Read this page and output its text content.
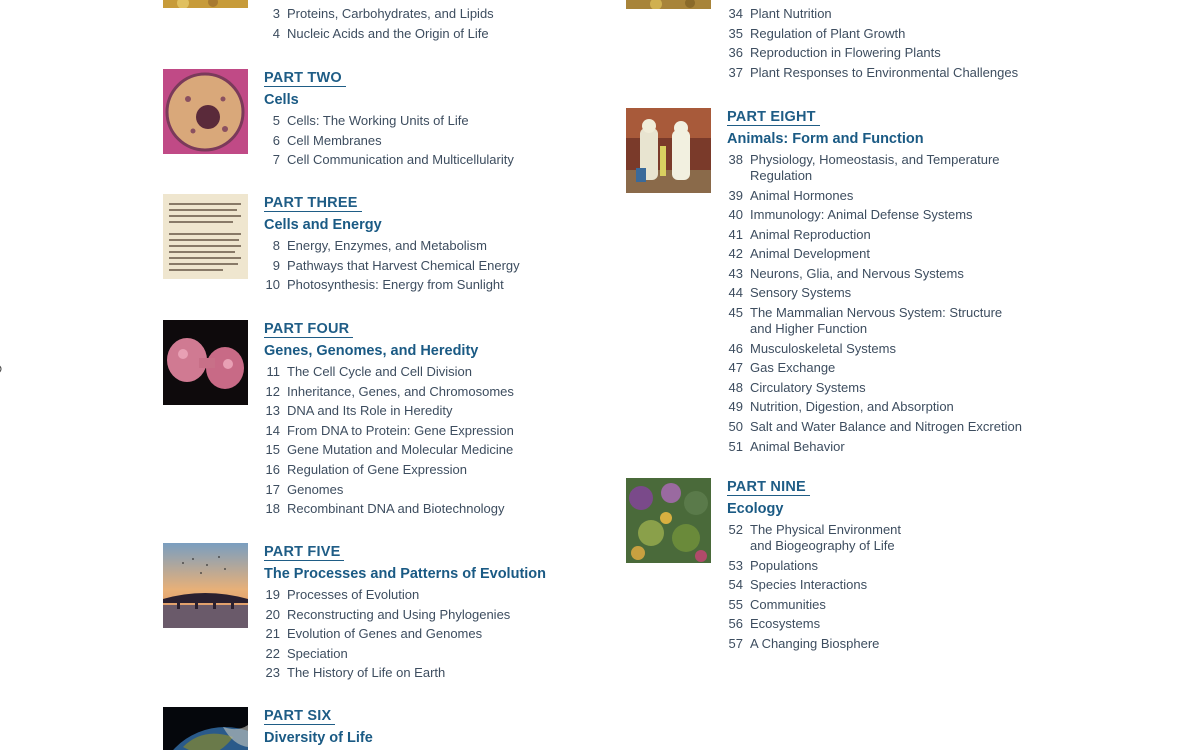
3 Proteins, Carbohydrates, and Lipids
4 Nucleic Acids and the Origin of Life
PART TWO
Cells
5 Cells: The Working Units of Life
6 Cell Membranes
7 Cell Communication and Multicellularity
PART THREE
Cells and Energy
8 Energy, Enzymes, and Metabolism
9 Pathways that Harvest Chemical Energy
10 Photosynthesis: Energy from Sunlight
PART FOUR
Genes, Genomes, and Heredity
11 The Cell Cycle and Cell Division
12 Inheritance, Genes, and Chromosomes
13 DNA and Its Role in Heredity
14 From DNA to Protein: Gene Expression
15 Gene Mutation and Molecular Medicine
16 Regulation of Gene Expression
17 Genomes
18 Recombinant DNA and Biotechnology
PART FIVE
The Processes and Patterns of Evolution
19 Processes of Evolution
20 Reconstructing and Using Phylogenies
21 Evolution of Genes and Genomes
22 Speciation
23 The History of Life on Earth
PART SIX
Diversity of Life
34 Plant Nutrition
35 Regulation of Plant Growth
36 Reproduction in Flowering Plants
37 Plant Responses to Environmental Challenges
PART EIGHT
Animals: Form and Function
38 Physiology, Homeostasis, and Temperature
Regulation
39 Animal Hormones
40 Immunology: Animal Defense Systems
41 Animal Reproduction
42 Animal Development
43 Neurons, Glia, and Nervous Systems
44 Sensory Systems
45 The Mammalian Nervous System: Structure
and Higher Function
46 Musculoskeletal Systems
47 Gas Exchange
48 Circulatory Systems
49 Nutrition, Digestion, and Absorption
50 Salt and Water Balance and Nitrogen Excretion
51 Animal Behavior
PART NINE
Ecology
52 The Physical Environment
and Biogeography of Life
53 Populations
54 Species Interactions
55 Communities
56 Ecosystems
57 A Changing Biosphere
